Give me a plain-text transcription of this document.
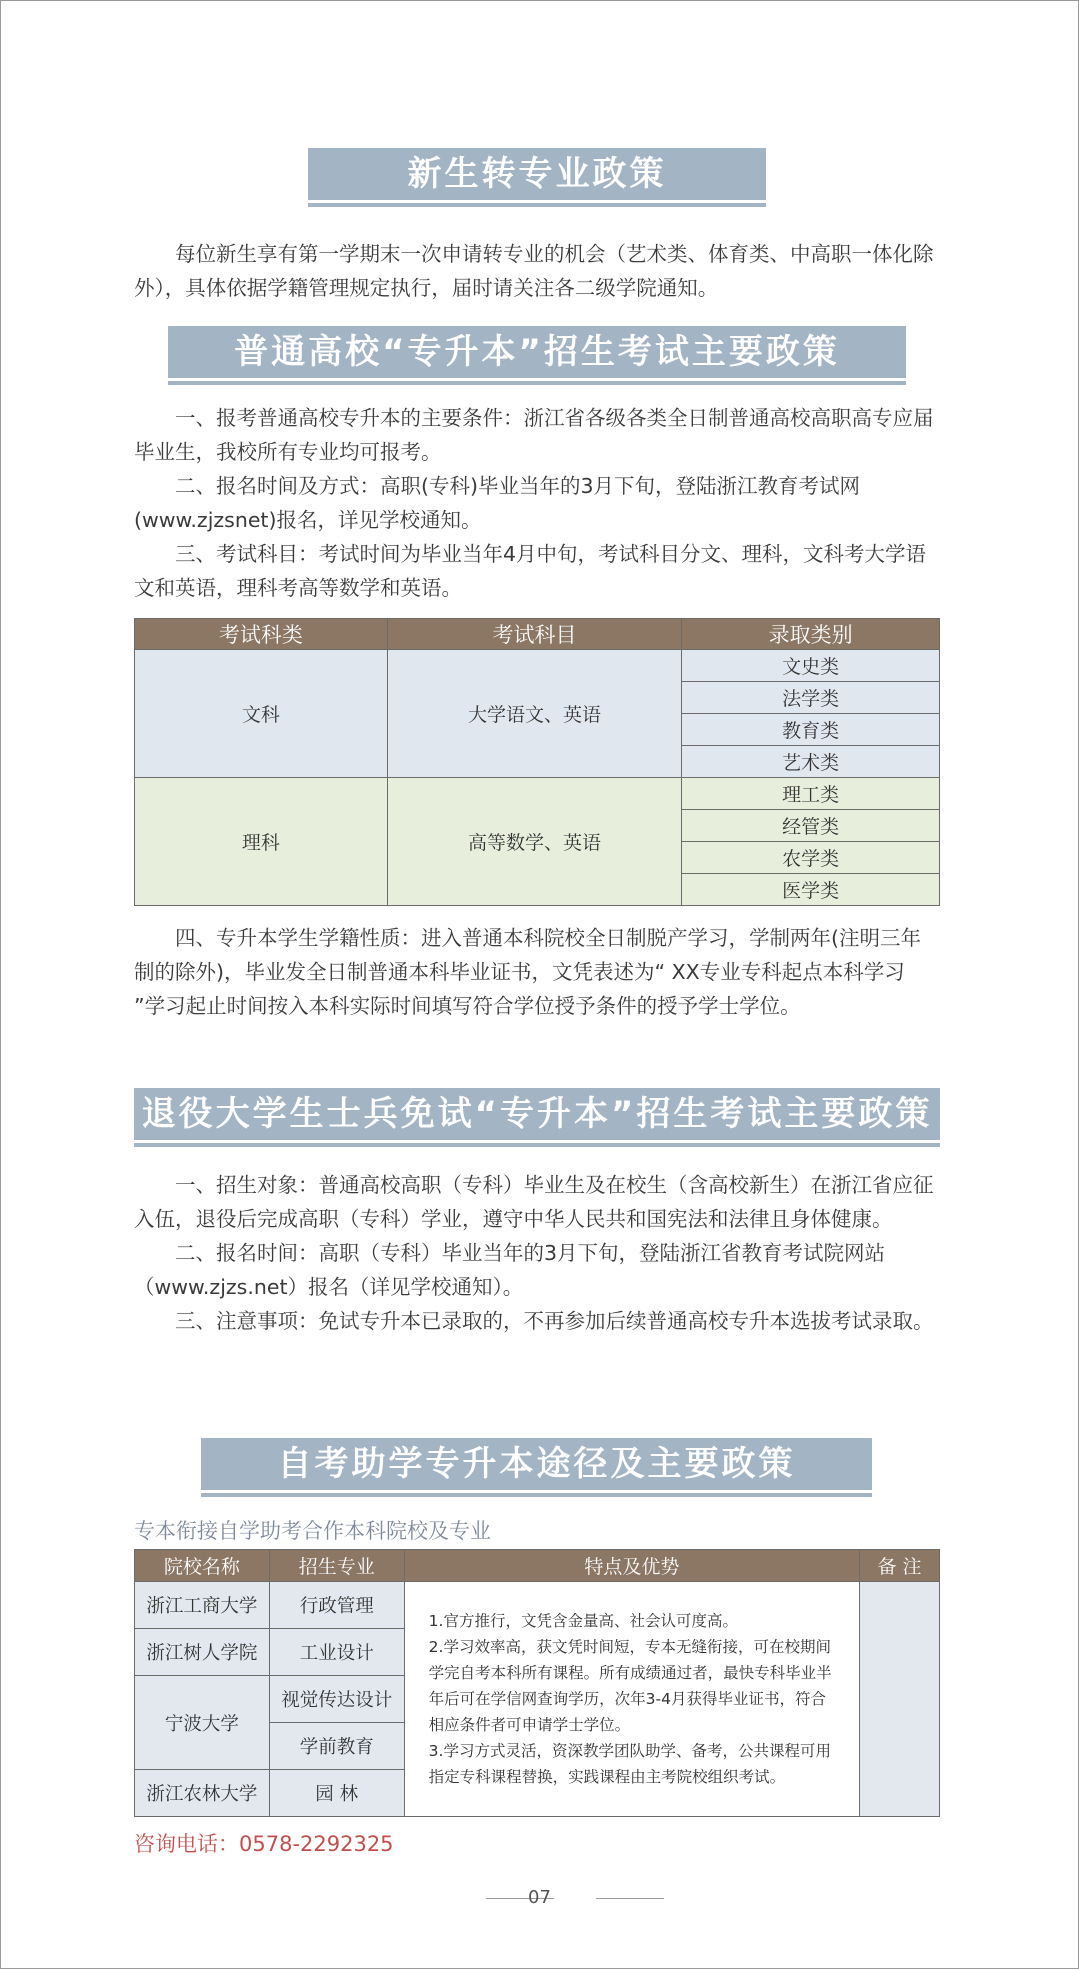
新生转专业政策

每位新生享有第一学期末一次申请转专业的机会（艺术类、体育类、中高职一体化除外），具体依据学籍管理规定执行，届时请关注各二级学院通知。

普通高校“专升本”招生考试主要政策

一、报考普通高校专升本的主要条件：浙江省各级各类全日制普通高校高职高专应届毕业生，我校所有专业均可报考。

二、报名时间及方式：高职(专科)毕业当年的3月下旬，登陆浙江教育考试网(www.zjzsnet)报名，详见学校通知。

三、考试科目：考试时间为毕业当年4月中旬，考试科目分文、理科，文科考大学语文和英语，理科考高等数学和英语。

考试科类	考试科目	录取类别
文科	大学语文、英语	文史类
		法学类
		教育类
		艺术类
理科	高等数学、英语	理工类
		经管类
		农学类
		医学类

四、专升本学生学籍性质：进入普通本科院校全日制脱产学习，学制两年(注明三年制的除外)，毕业发全日制普通本科毕业证书，文凭表述为“ XX专业专科起点本科学习 ”学习起止时间按入本科实际时间填写符合学位授予条件的授予学士学位。

退役大学生士兵免试“专升本”招生考试主要政策

一、招生对象：普通高校高职（专科）毕业生及在校生（含高校新生）在浙江省应征入伍，退役后完成高职（专科）学业，遵守中华人民共和国宪法和法律且身体健康。

二、报名时间：高职（专科）毕业当年的3月下旬，登陆浙江省教育考试院网站（www.zjzs.net）报名（详见学校通知）。

三、注意事项：免试专升本已录取的，不再参加后续普通高校专升本选拔考试录取。

自考助学专升本途径及主要政策
专本衔接自学助考合作本科院校及专业
院校名称	招生专业	特点及优势	备 注
浙江工商大学	行政管理	1.官方推行，文凭含金量高、社会认可度高。
2.学习效率高，获文凭时间短，专本无缝衔接，可在校期间学完自考本科所有课程。所有成绩通过者，最快专科毕业半年后可在学信网查询学历，次年3-4月获得毕业证书，符合相应条件者可申请学士学位。
3.学习方式灵活，资深教学团队助学、备考，公共课程可用指定专科课程替换，实践课程由主考院校组织考试。	

浙江树人学院	工业设计		
宁波大学	视觉传达设计		
	学前教育		
浙江农林大学	园 林		
咨询电话：0578-2292325
07
